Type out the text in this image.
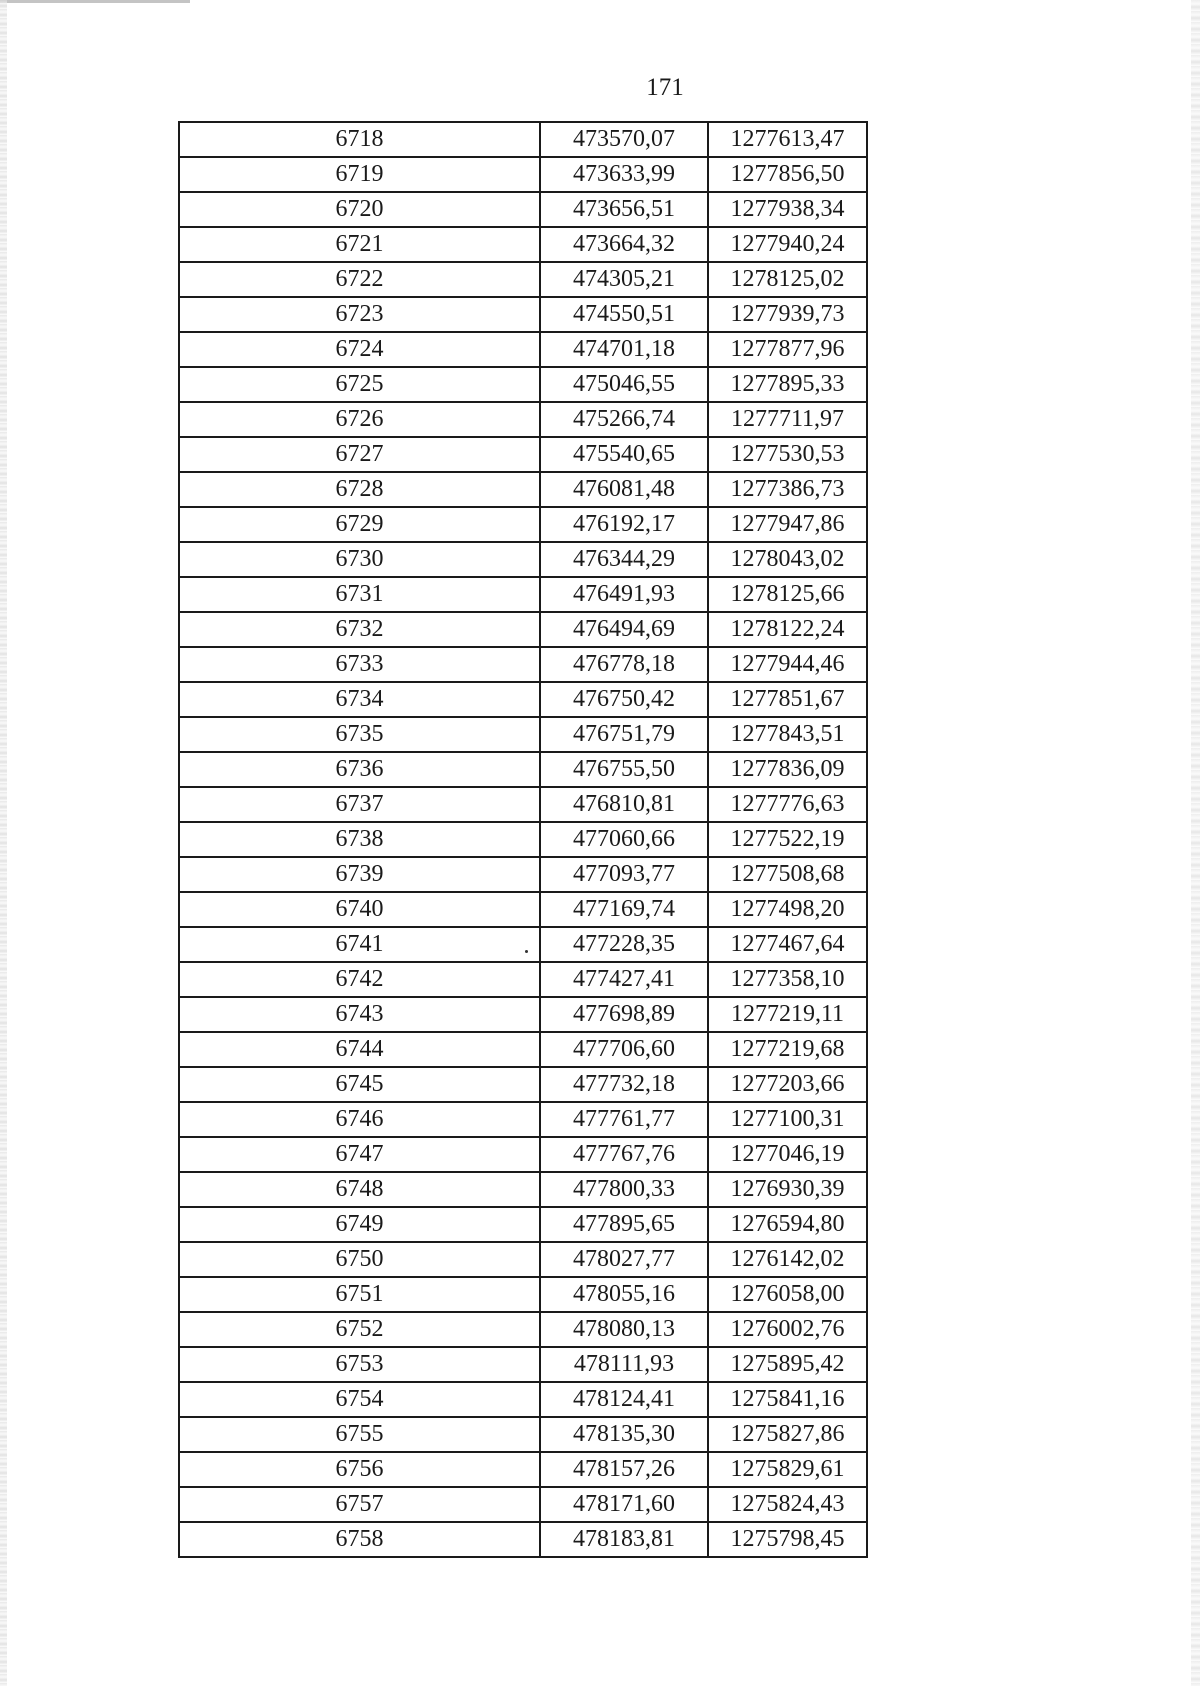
171
6718	473570,07	1277613,47
6719	473633,99	1277856,50
6720	473656,51	1277938,34
6721	473664,32	1277940,24
6722	474305,21	1278125,02
6723	474550,51	1277939,73
6724	474701,18	1277877,96
6725	475046,55	1277895,33
6726	475266,74	1277711,97
6727	475540,65	1277530,53
6728	476081,48	1277386,73
6729	476192,17	1277947,86
6730	476344,29	1278043,02
6731	476491,93	1278125,66
6732	476494,69	1278122,24
6733	476778,18	1277944,46
6734	476750,42	1277851,67
6735	476751,79	1277843,51
6736	476755,50	1277836,09
6737	476810,81	1277776,63
6738	477060,66	1277522,19
6739	477093,77	1277508,68
6740	477169,74	1277498,20
6741	477228,35	1277467,64
6742	477427,41	1277358,10
6743	477698,89	1277219,11
6744	477706,60	1277219,68
6745	477732,18	1277203,66
6746	477761,77	1277100,31
6747	477767,76	1277046,19
6748	477800,33	1276930,39
6749	477895,65	1276594,80
6750	478027,77	1276142,02
6751	478055,16	1276058,00
6752	478080,13	1276002,76
6753	478111,93	1275895,42
6754	478124,41	1275841,16
6755	478135,30	1275827,86
6756	478157,26	1275829,61
6757	478171,60	1275824,43
6758	478183,81	1275798,45
